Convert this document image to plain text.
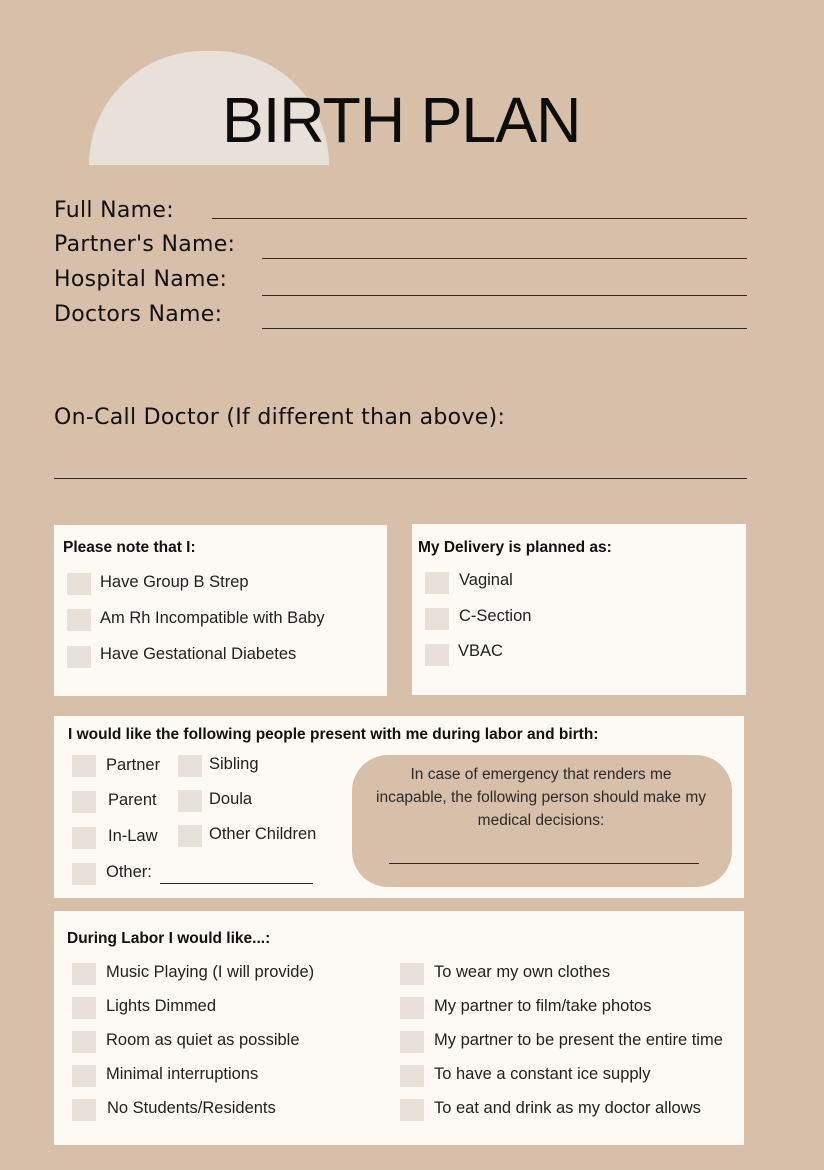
BIRTH PLAN
Full Name:
Partner's Name:
Hospital Name:
Doctors Name:
On-Call Doctor (If different than above):
Please note that I:
Have Group B Strep
Am Rh Incompatible with Baby
Have Gestational Diabetes
My Delivery is planned as:
Vaginal
C-Section
VBAC
I would like the following people present with me during labor and birth:
Partner
Parent
In-Law
Sibling
Doula
Other Children
Other:
In case of emergency that renders me incapable, the following person should make my medical decisions:
During Labor I would like...:
Music Playing (I will provide)
Lights Dimmed
Room as quiet as possible
Minimal interruptions
No Students/Residents
To wear my own clothes
My partner to film/take photos
My partner to be present the entire time
To have a constant ice supply
To eat and drink as my doctor allows
